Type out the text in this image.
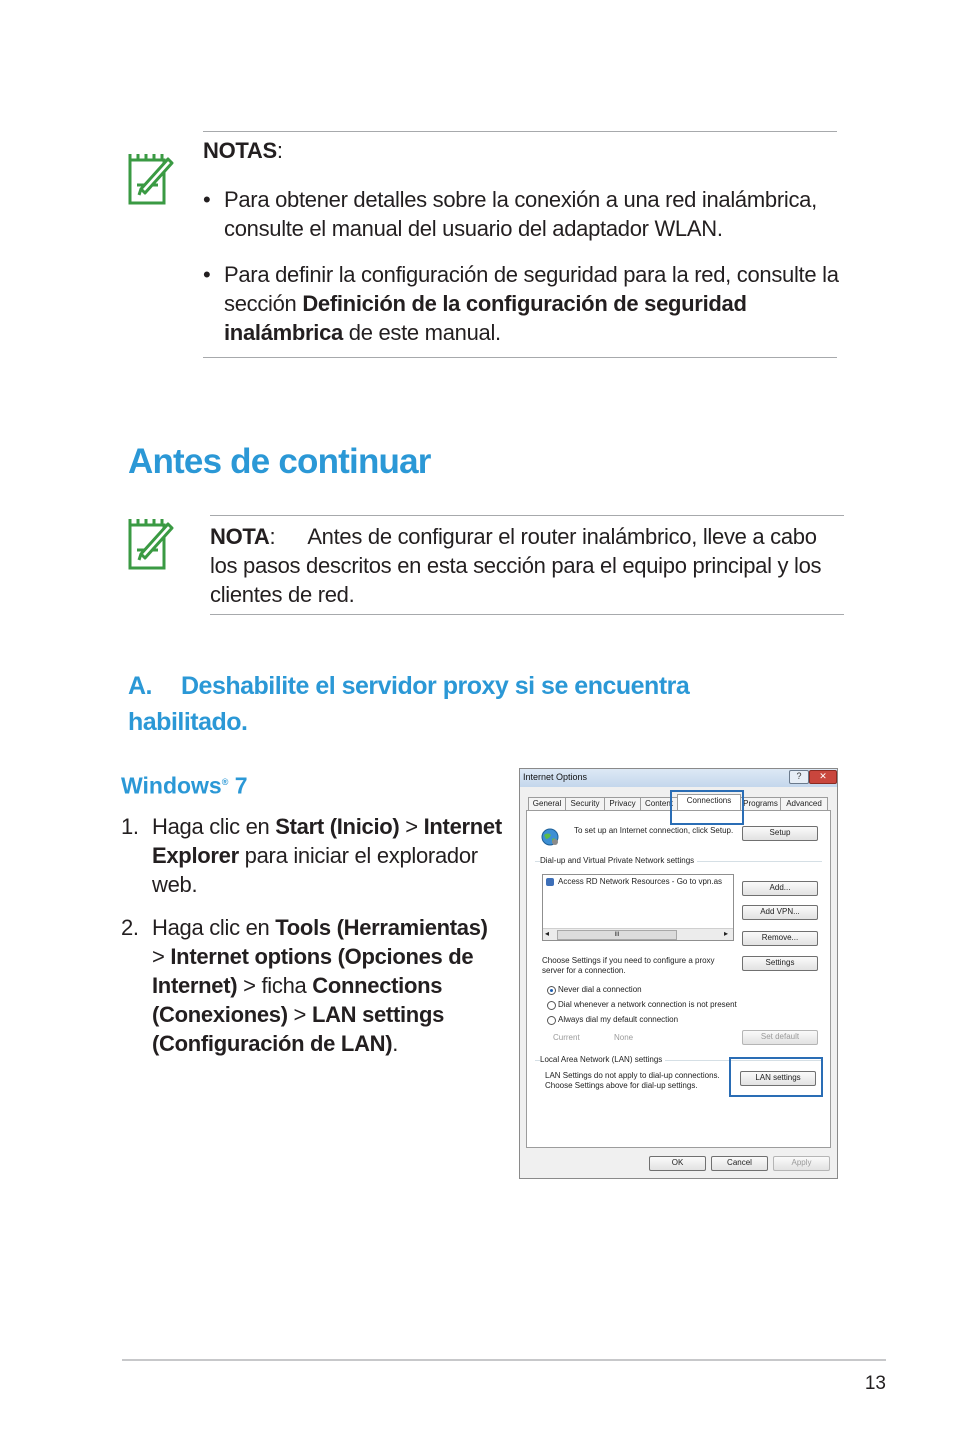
NOTAS:
• Para obtener detalles sobre la conexión a una red inalámbrica, consulte el manual del usuario del adaptador WLAN.
• Para definir la configuración de seguridad para la red, consulte la sección Definición de la configuración de seguridad inalámbrica de este manual.
Antes de continuar
NOTA: Antes de configurar el router inalámbrico, lleve a cabo los pasos descritos en esta sección para el equipo principal y los clientes de red.
A. Deshabilite el servidor proxy si se encuentra
habilitado.
Windows® 7
1. Haga clic en Start (Inicio) > Internet Explorer para iniciar el explorador web.
2. Haga clic en Tools (Herramientas) > Internet options (Opciones de Internet) > ficha Connections (Conexiones) > LAN settings (Configuración de LAN).
Internet Options	?	✕
General	Security	Privacy	Content	Connections	Programs	Advanced
To set up an Internet connection, click Setup.	Setup
Dial-up and Virtual Private Network settings
Access RD Network Resources - Go to vpn.as
◂	III	▸
Add...
Add VPN...
Remove...
Choose Settings if you need to configure a proxy server for a connection.
Settings
Never dial a connection
Dial whenever a network connection is not present
Always dial my default connection
Current	None	Set default
Local Area Network (LAN) settings
LAN Settings do not apply to dial-up connections. Choose Settings above for dial-up settings.
LAN settings
OK	Cancel	Apply
13
